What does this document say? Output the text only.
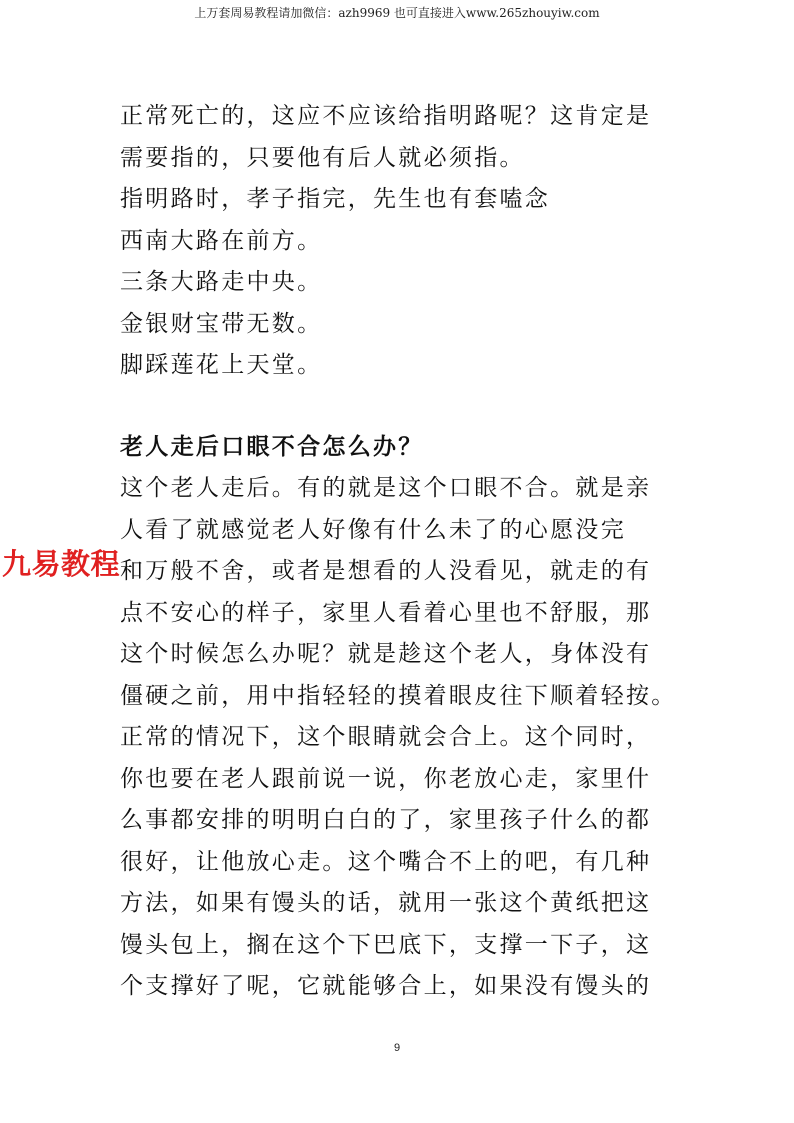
上万套周易教程请加微信：azh9969 也可直接进入www.265zhouyiw.com
正常死亡的，这应不应该给指明路呢？这肯定是
需要指的，只要他有后人就必须指。
指明路时，孝子指完，先生也有套嗑念
西南大路在前方。
三条大路走中央。
金银财宝带无数。
脚踩莲花上天堂。
老人走后口眼不合怎么办？
这个老人走后。有的就是这个口眼不合。就是亲
人看了就感觉老人好像有什么未了的心愿没完
和万般不舍，或者是想看的人没看见，就走的有
点不安心的样子，家里人看着心里也不舒服，那
这个时候怎么办呢？就是趁这个老人，身体没有
僵硬之前，用中指轻轻的摸着眼皮往下顺着轻按。
正常的情况下，这个眼睛就会合上。这个同时，
你也要在老人跟前说一说，你老放心走，家里什
么事都安排的明明白白的了，家里孩子什么的都
很好，让他放心走。这个嘴合不上的吧，有几种
方法，如果有馒头的话，就用一张这个黄纸把这
馒头包上，搁在这个下巴底下，支撑一下子，这
个支撑好了呢，它就能够合上，如果没有馒头的
九易教程
9
